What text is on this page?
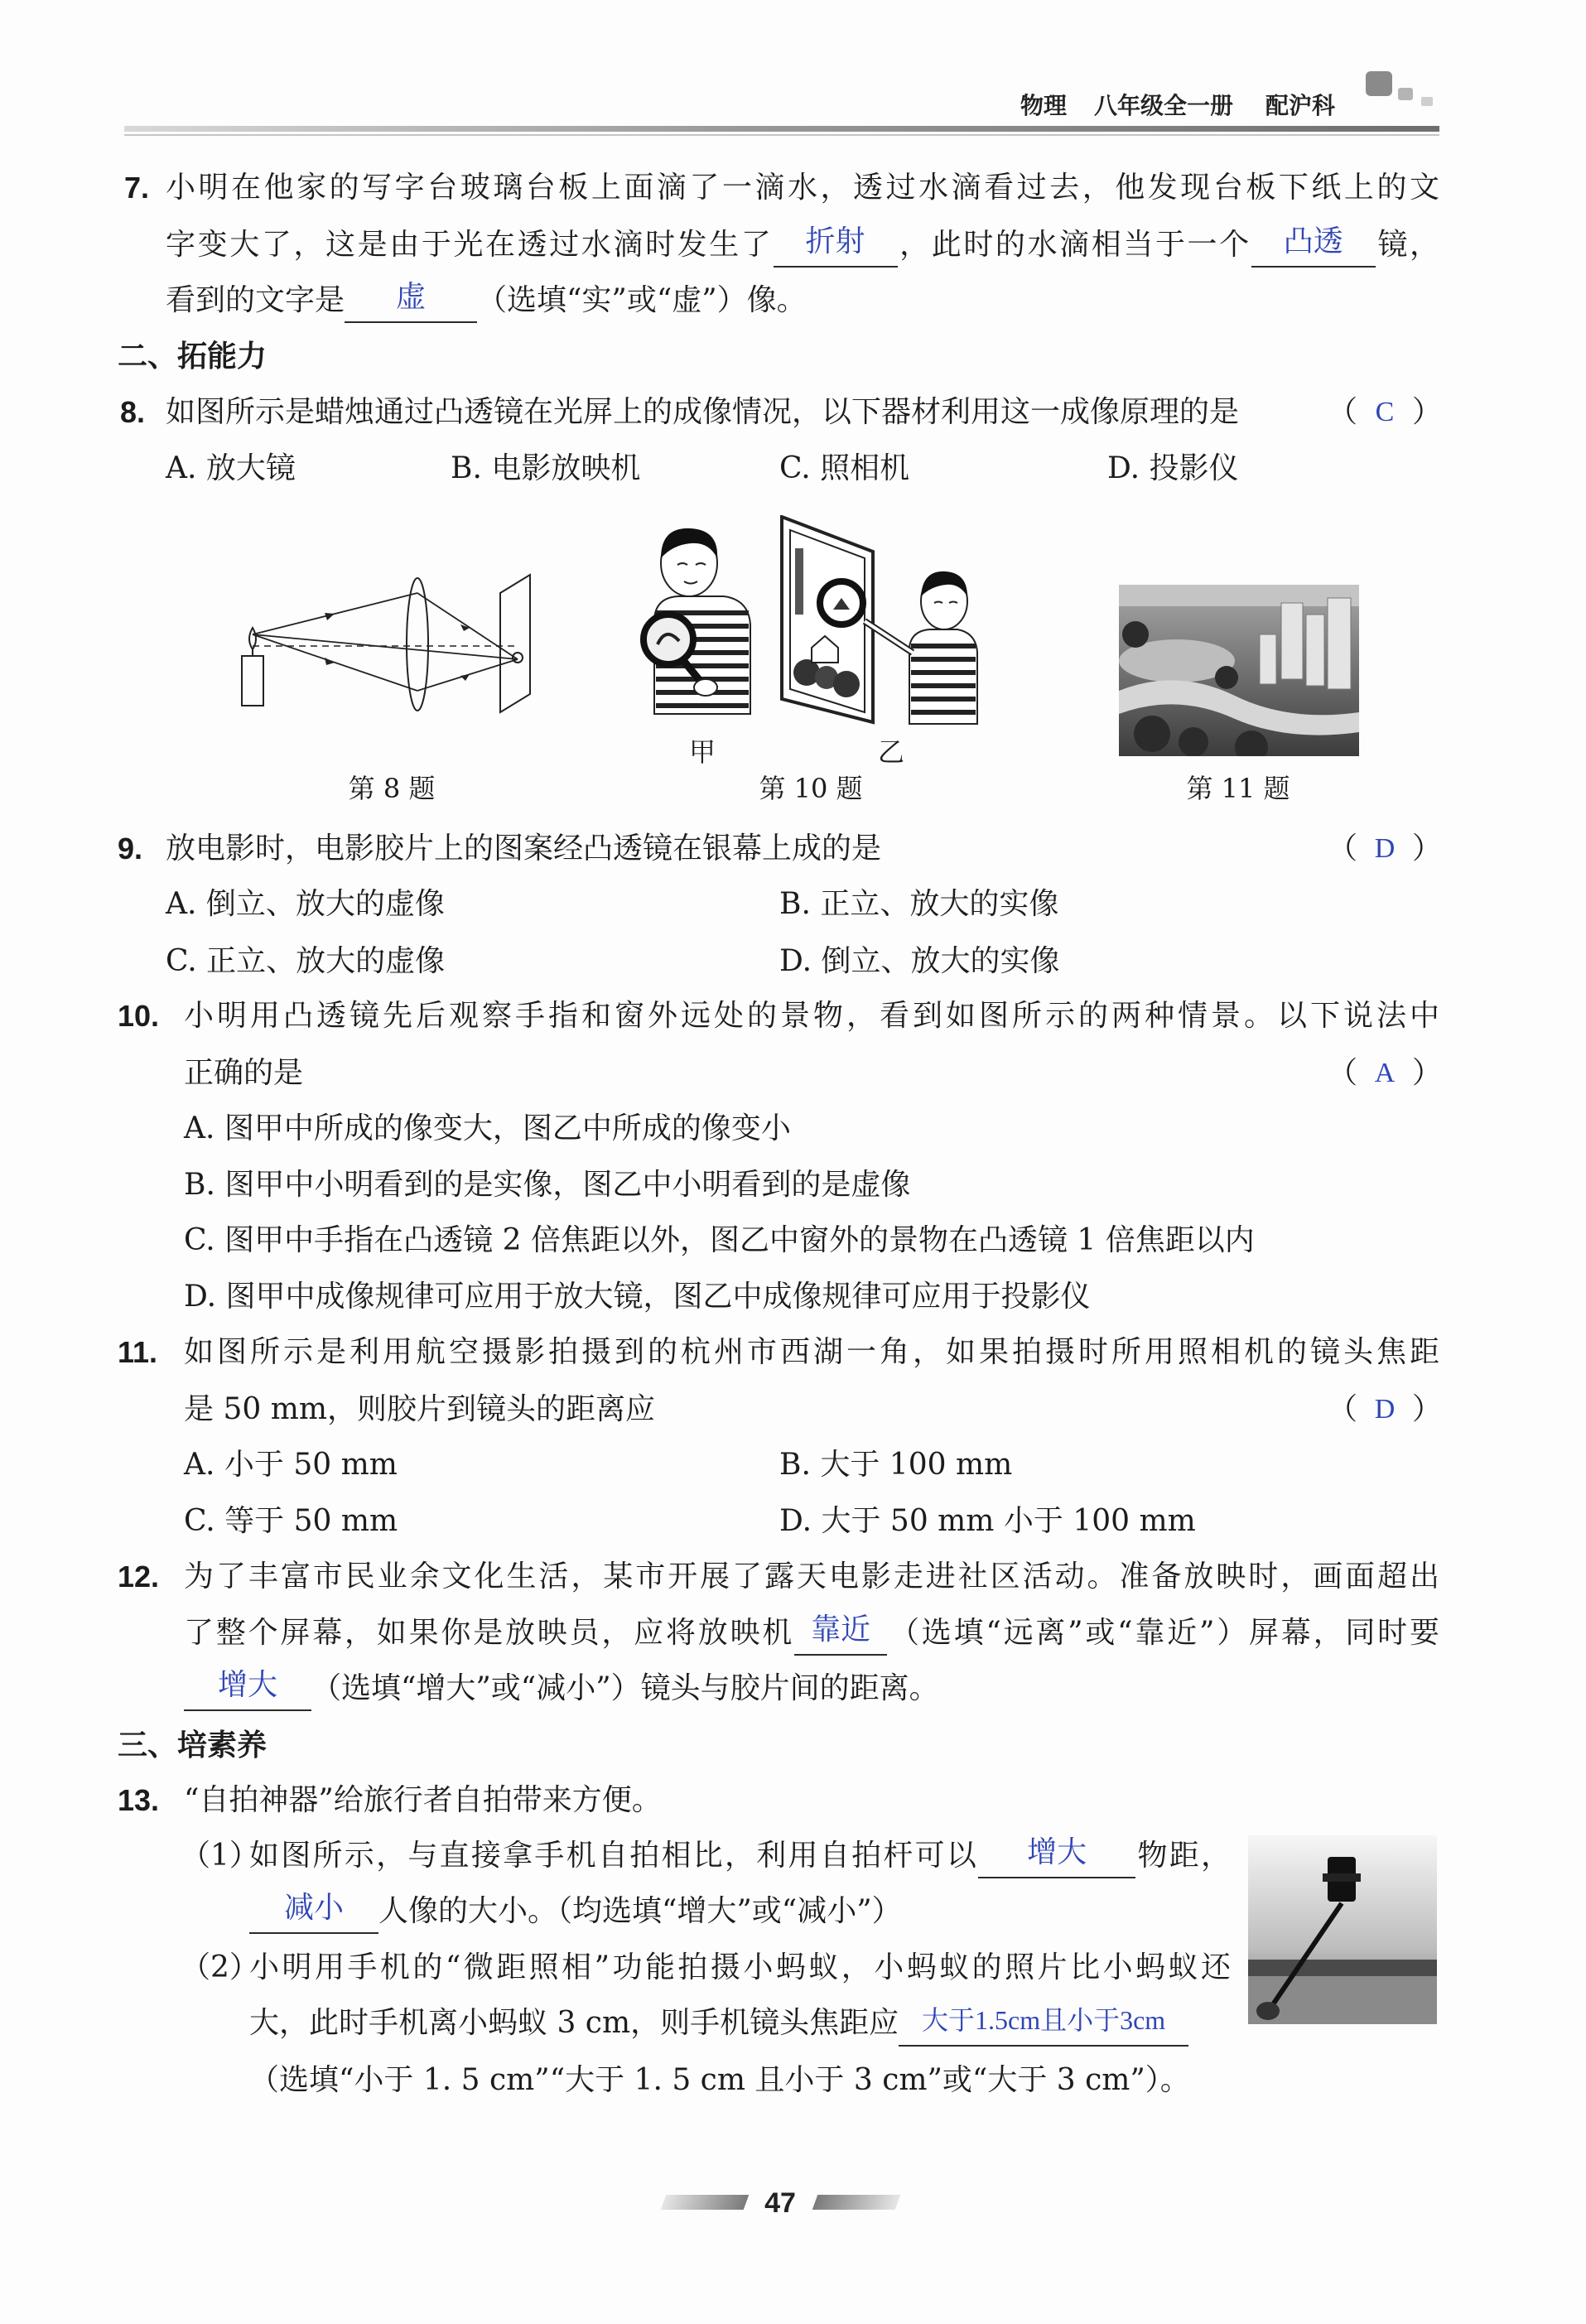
物理 八年级全一册 配沪科
7. 小明在他家的写字台玻璃台板上面滴了一滴水，透过水滴看过去，他发现台板下纸上的文
字变大了，这是由于光在透过水滴时发生了 折射 ，此时的水滴相当于一个 凸透 镜，
看到的文字是 虚 （选填“实”或“虚”）像。
二、拓能力
8. 如图所示是蜡烛通过凸透镜在光屏上的成像情况，以下器材利用这一成像原理的是	（ C ）
A. 放大镜	B. 电影放映机	C. 照相机	D. 投影仪
甲	乙
第 8 题	第 10 题	第 11 题
9. 放电影时，电影胶片上的图案经凸透镜在银幕上成的是	（ D ）
A. 倒立、放大的虚像	B. 正立、放大的实像
C. 正立、放大的虚像	D. 倒立、放大的实像
10. 小明用凸透镜先后观察手指和窗外远处的景物，看到如图所示的两种情景。以下说法中
正确的是	（ A ）
A. 图甲中所成的像变大，图乙中所成的像变小
B. 图甲中小明看到的是实像，图乙中小明看到的是虚像
C. 图甲中手指在凸透镜 2 倍焦距以外，图乙中窗外的景物在凸透镜 1 倍焦距以内
D. 图甲中成像规律可应用于放大镜，图乙中成像规律可应用于投影仪
11. 如图所示是利用航空摄影拍摄到的杭州市西湖一角，如果拍摄时所用照相机的镜头焦距
是 50 mm，则胶片到镜头的距离应	（ D ）
A. 小于 50 mm	B. 大于 100 mm
C. 等于 50 mm	D. 大于 50 mm 小于 100 mm
12. 为了丰富市民业余文化生活，某市开展了露天电影走进社区活动。准备放映时，画面超出
了整个屏幕，如果你是放映员，应将放映机 靠近 （选填“远离”或“靠近”）屏幕，同时要
增大 （选填“增大”或“减小”）镜头与胶片间的距离。
三、培素养
13. “自拍神器”给旅行者自拍带来方便。
（1）
如图所示，与直接拿手机自拍相比，利用自拍杆可以 增大 物距，
减小 人像的大小。（均选填“增大”或“减小”）
（2）
小明用手机的“微距照相”功能拍摄小蚂蚁，小蚂蚁的照片比小蚂蚁还
大，此时手机离小蚂蚁 3 cm，则手机镜头焦距应 大于1.5cm且小于3cm
（选填“小于 1. 5 cm”“大于 1. 5 cm 且小于 3 cm”或“大于 3 cm”）。
47
